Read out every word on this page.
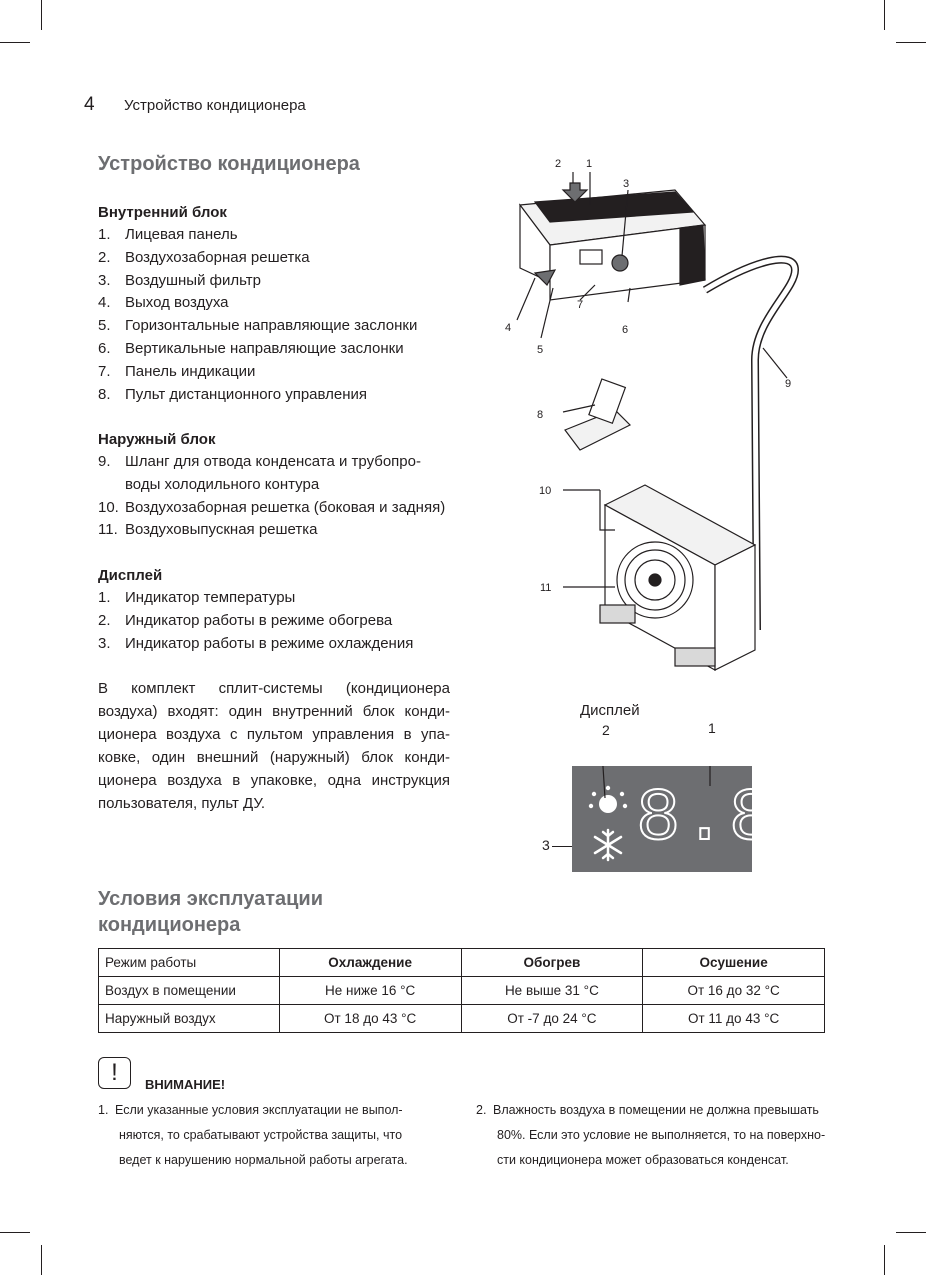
4 Устройство кондиционера
Устройство кондиционера
Внутренний блок
1. Лицевая панель
2. Воздухозаборная решетка
3. Воздушный фильтр
4. Выход воздуха
5. Горизонтальные направляющие заслонки
6. Вертикальные направляющие заслонки
7. Панель индикации
8. Пульт дистанционного управления
Наружный блок
9. Шланг для отвода конденсата и трубопро-
воды холодильного контура
10. Воздухозаборная решетка (боковая и задняя)
11. Воздуховыпускная решетка
Дисплей
1. Индикатор температуры
2. Индикатор работы в режиме обогрева
3. Индикатор работы в режиме охлаждения
В комплект сплит-системы (кондиционера воздуха) входят: один внутренний блок кондиционера воздуха с пультом управления в упаковке, один внешний (наружный) блок кондиционера воздуха в упаковке, одна инструкция пользователя, пульт ДУ.
2 1
3
4
5
7
6
9
8
10
11
Дисплей
2	1
3 8.8
Условия эксплуатации
кондиционера
Режим работы	Охлаждение	Обогрев	Осушение
Воздух в помещении	Не ниже 16 °C	Не выше 31 °C	От 16 до 32 °C
Наружный воздух	От 18 до 43 °C	От -7 до 24 °C	От 11 до 43 °C
!	ВНИМАНИЕ!
1. Если указанные условия эксплуатации не выпол-
няются, то срабатывают устройства защиты, что
ведет к нарушению нормальной работы агрегата.
2. Влажность воздуха в помещении не должна превышать
80%. Если это условие не выполняется, то на поверхно-
сти кондиционера может образоваться конденсат.
